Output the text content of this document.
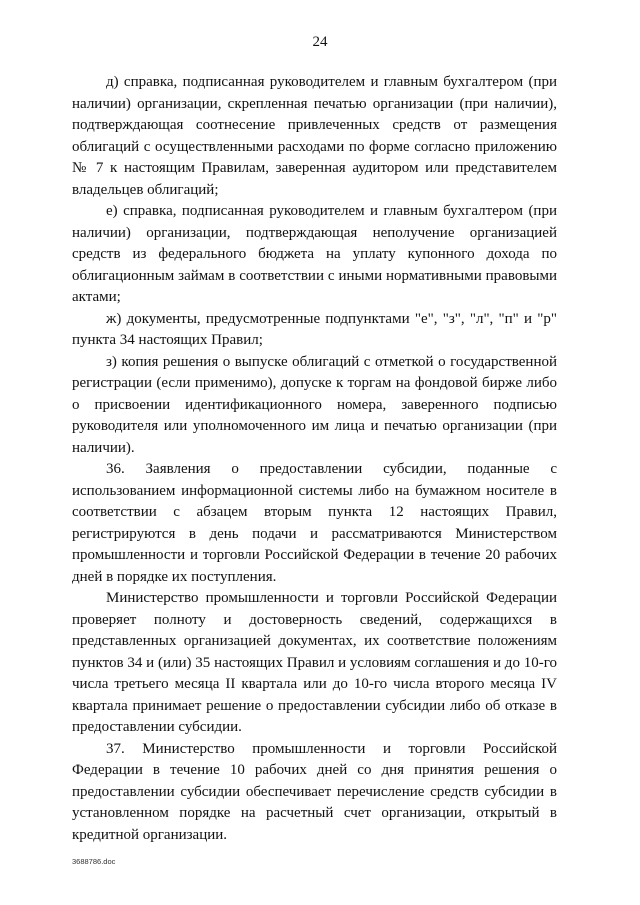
24

д) справка, подписанная руководителем и главным бухгалтером (при наличии) организации, скрепленная печатью организации (при наличии), подтверждающая соотнесение привлеченных средств от размещения облигаций с осуществленными расходами по форме согласно приложению № 7 к настоящим Правилам, заверенная аудитором или представителем владельцев облигаций;

е) справка, подписанная руководителем и главным бухгалтером (при наличии) организации, подтверждающая неполучение организацией средств из федерального бюджета на уплату купонного дохода по облигационным займам в соответствии с иными нормативными правовыми актами;

ж) документы, предусмотренные подпунктами "е", "з", "л", "п" и "р" пункта 34 настоящих Правил;

з) копия решения о выпуске облигаций с отметкой о государственной регистрации (если применимо), допуске к торгам на фондовой бирже либо о присвоении идентификационного номера, заверенного подписью руководителя или уполномоченного им лица и печатью организации (при наличии).

36. Заявления о предоставлении субсидии, поданные с использованием информационной системы либо на бумажном носителе в соответствии с абзацем вторым пункта 12 настоящих Правил, регистрируются в день подачи и рассматриваются Министерством промышленности и торговли Российской Федерации в течение 20 рабочих дней в порядке их поступления.

Министерство промышленности и торговли Российской Федерации проверяет полноту и достоверность сведений, содержащихся в представленных организацией документах, их соответствие положениям пунктов 34 и (или) 35 настоящих Правил и условиям соглашения и до 10-го числа третьего месяца II квартала или до 10-го числа второго месяца IV квартала принимает решение о предоставлении субсидии либо об отказе в предоставлении субсидии.

37. Министерство промышленности и торговли Российской Федерации в течение 10 рабочих дней со дня принятия решения о предоставлении субсидии обеспечивает перечисление средств субсидии в установленном порядке на расчетный счет организации, открытый в кредитной организации.

3688786.doc
